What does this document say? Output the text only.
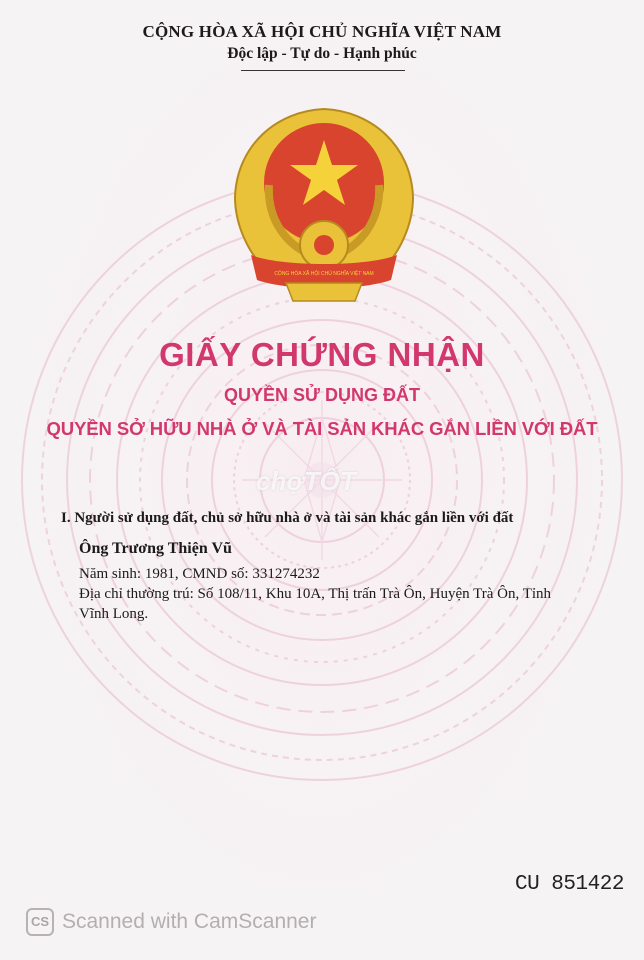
CỘNG HÒA XÃ HỘI CHỦ NGHĨA VIỆT NAM
Độc lập - Tự do - Hạnh phúc
CỘNG HÒA XÃ HỘI CHỦ NGHĨA VIỆT NAM
GIẤY CHỨNG NHẬN
QUYỀN SỬ DỤNG ĐẤT
QUYỀN SỞ HỮU NHÀ Ở VÀ TÀI SẢN KHÁC GẮN LIỀN VỚI ĐẤT
chợTỐT
I. Người sử dụng đất, chủ sở hữu nhà ở và tài sản khác gắn liền với đất
Ông Trương Thiện Vũ
Năm sinh: 1981, CMND số: 331274232
Địa chỉ thường trú: Số 108/11, Khu 10A, Thị trấn Trà Ôn, Huyện Trà Ôn, Tỉnh
Vĩnh Long.
CU 851422
CS Scanned with CamScanner
